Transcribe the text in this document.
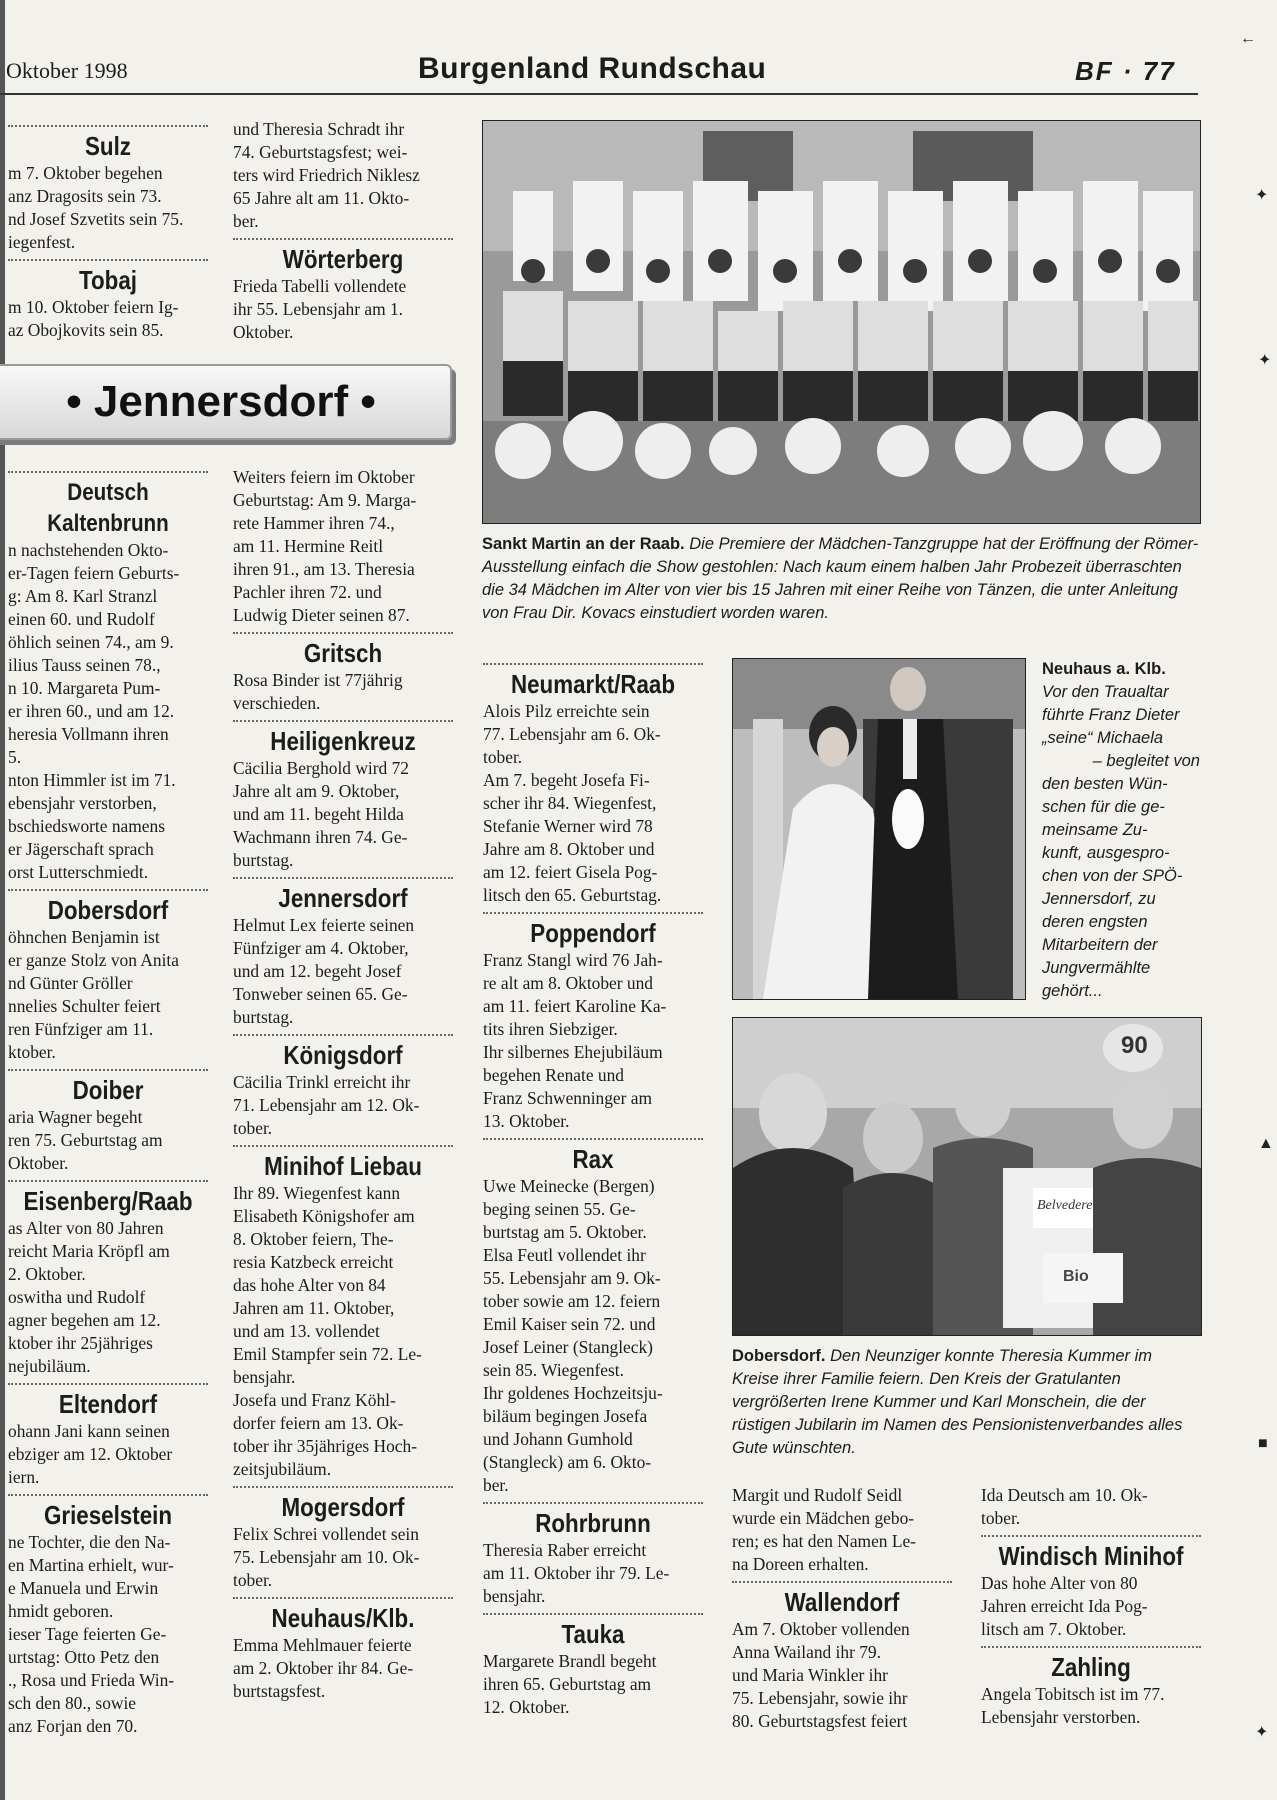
Oktober 1998	Burgenland Rundschau	BF · 77
Sulz

m 7. Oktober begehen

anz Dragosits sein 73.

nd Josef Szvetits sein 75.

iegenfest.

Tobaj

m 10. Oktober feiern Ig-

az Obojkovits sein 85.

und Theresia Schradt ihr

74. Geburtstagsfest; wei-

ters wird Friedrich Niklesz

65 Jahre alt am 11. Okto-

ber.

Wörterberg

Frieda Tabelli vollendete

ihr 55. Lebensjahr am 1.

Oktober.

• Jennersdorf •
Deutsch Kaltenbrunn

n nachstehenden Okto-

er-Tagen feiern Geburts-

g: Am 8. Karl Stranzl

einen 60. und Rudolf

öhlich seinen 74., am 9.

ilius Tauss seinen 78.,

n 10. Margareta Pum-

er ihren 60., und am 12.

heresia Vollmann ihren

5.

nton Himmler ist im 71.

ebensjahr verstorben,

bschiedsworte namens

er Jägerschaft sprach

orst Lutterschmiedt.

Dobersdorf

öhnchen Benjamin ist

er ganze Stolz von Anita

nd Günter Gröller

nnelies Schulter feiert

ren Fünfziger am 11.

ktober.

Doiber

aria Wagner begeht

ren 75. Geburtstag am

Oktober.

Eisenberg/Raab

as Alter von 80 Jahren

reicht Maria Kröpfl am

2. Oktober.

oswitha und Rudolf

agner begehen am 12.

ktober ihr 25jähriges

nejubiläum.

Eltendorf

ohann Jani kann seinen

ebziger am 12. Oktober

iern.

Grieselstein

ne Tochter, die den Na-

en Martina erhielt, wur-

e Manuela und Erwin

hmidt geboren.

ieser Tage feierten Ge-

urtstag: Otto Petz den

., Rosa und Frieda Win-

sch den 80., sowie

anz Forjan den 70.

Weiters feiern im Oktober

Geburtstag: Am 9. Marga-

rete Hammer ihren 74.,

am 11. Hermine Reitl

ihren 91., am 13. Theresia

Pachler ihren 72. und

Ludwig Dieter seinen 87.

Gritsch

Rosa Binder ist 77jährig

verschieden.

Heiligenkreuz

Cäcilia Berghold wird 72

Jahre alt am 9. Oktober,

und am 11. begeht Hilda

Wachmann ihren 74. Ge-

burtstag.

Jennersdorf

Helmut Lex feierte seinen

Fünfziger am 4. Oktober,

und am 12. begeht Josef

Tonweber seinen 65. Ge-

burtstag.

Königsdorf

Cäcilia Trinkl erreicht ihr

71. Lebensjahr am 12. Ok-

tober.

Minihof Liebau

Ihr 89. Wiegenfest kann

Elisabeth Königshofer am

8. Oktober feiern, The-

resia Katzbeck erreicht

das hohe Alter von 84

Jahren am 11. Oktober,

und am 13. vollendet

Emil Stampfer sein 72. Le-

bensjahr.

Josefa und Franz Köhl-

dorfer feiern am 13. Ok-

tober ihr 35jähriges Hoch-

zeitsjubiläum.

Mogersdorf

Felix Schrei vollendet sein

75. Lebensjahr am 10. Ok-

tober.

Neuhaus/Klb.

Emma Mehlmauer feierte

am 2. Oktober ihr 84. Ge-

burtstagsfest.

Sankt Martin an der Raab. Die Premiere der Mädchen-Tanzgruppe hat der Eröffnung der Römer-Ausstellung einfach die Show gestohlen: Nach kaum einem halben Jahr Probezeit überraschten die 34 Mädchen im Alter von vier bis 15 Jahren mit einer Reihe von Tänzen, die unter Anleitung von Frau Dir. Kovacs einstudiert worden waren.
Neumarkt/Raab

Alois Pilz erreichte sein

77. Lebensjahr am 6. Ok-

tober.

Am 7. begeht Josefa Fi-

scher ihr 84. Wiegenfest,

Stefanie Werner wird 78

Jahre am 8. Oktober und

am 12. feiert Gisela Pog-

litsch den 65. Geburtstag.

Poppendorf

Franz Stangl wird 76 Jah-

re alt am 8. Oktober und

am 11. feiert Karoline Ka-

tits ihren Siebziger.

Ihr silbernes Ehejubiläum

begehen Renate und

Franz Schwenninger am

13. Oktober.

Rax

Uwe Meinecke (Bergen)

beging seinen 55. Ge-

burtstag am 5. Oktober.

Elsa Feutl vollendet ihr

55. Lebensjahr am 9. Ok-

tober sowie am 12. feiern

Emil Kaiser sein 72. und

Josef Leiner (Stangleck)

sein 85. Wiegenfest.

Ihr goldenes Hochzeitsju-

biläum begingen Josefa

und Johann Gumhold

(Stangleck) am 6. Okto-

ber.

Rohrbrunn

Theresia Raber erreicht

am 11. Oktober ihr 79. Le-

bensjahr.

Tauka

Margarete Brandl begeht

ihren 65. Geburtstag am

12. Oktober.

Neuhaus a. Klb.
Vor den Traualtar
führte Franz Dieter
„seine“ Michaela
– begleitet von
den besten Wün-
schen für die ge-
meinsame Zu-
kunft, ausgespro-
chen von der SPÖ-
Jennersdorf, zu
deren engsten
Mitarbeitern der
Jungvermählte
gehört...
90
Belvedere
Bio
Dobersdorf. Den Neunziger konnte Theresia Kummer im Kreise ihrer Familie feiern. Den Kreis der Gratulanten vergrößerten Irene Kummer und Karl Monschein, die der rüstigen Jubilarin im Namen des Pensionistenverbandes alles Gute wünschten.

Margit und Rudolf Seidl

wurde ein Mädchen gebo-

ren; es hat den Namen Le-

na Doreen erhalten.

Wallendorf

Am 7. Oktober vollenden

Anna Wailand ihr 79.

und Maria Winkler ihr

75. Lebensjahr, sowie ihr

80. Geburtstagsfest feiert

Ida Deutsch am 10. Ok-

tober.

Windisch Minihof

Das hohe Alter von 80

Jahren erreicht Ida Pog-

litsch am 7. Oktober.

Zahling

Angela Tobitsch ist im 77.

Lebensjahr verstorben.

←
✦
✦
▲
■
✦
